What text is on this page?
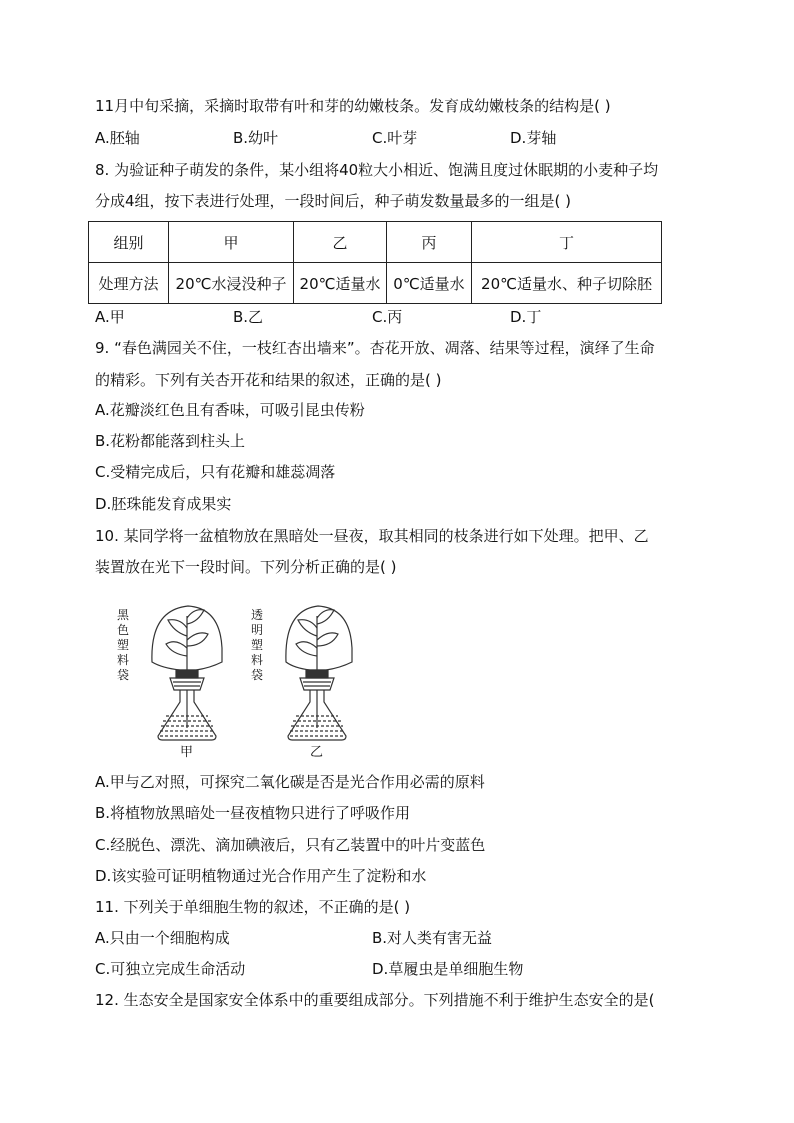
11月中旬采摘，采摘时取带有叶和芽的幼嫩枝条。发育成幼嫩枝条的结构是( )
A.胚轴	B.幼叶	C.叶芽	D.芽轴
8. 为验证种子萌发的条件，某小组将40粒大小相近、饱满且度过休眠期的小麦种子均
分成4组，按下表进行处理，一段时间后，种子萌发数量最多的一组是( )
组别	甲	乙	丙	丁
处理方法	20℃水浸没种子	20℃适量水	0℃适量水	20℃适量水、种子切除胚
A.甲	B.乙	C.丙	D.丁
9. “春色满园关不住，一枝红杏出墙来”。杏花开放、凋落、结果等过程，演绎了生命
的精彩。下列有关杏开花和结果的叙述，正确的是( )
A.花瓣淡红色且有香味，可吸引昆虫传粉
B.花粉都能落到柱头上
C.受精完成后，只有花瓣和雄蕊凋落
D.胚珠能发育成果实
10. 某同学将一盆植物放在黑暗处一昼夜，取其相同的枝条进行如下处理。把甲、乙
装置放在光下一段时间。下列分析正确的是( )
黑色塑料袋
透明塑料袋
甲	乙
A.甲与乙对照，可探究二氧化碳是否是光合作用必需的原料
B.将植物放黑暗处一昼夜植物只进行了呼吸作用
C.经脱色、漂洗、滴加碘液后，只有乙装置中的叶片变蓝色
D.该实验可证明植物通过光合作用产生了淀粉和水
11. 下列关于单细胞生物的叙述，不正确的是( )
A.只由一个细胞构成	B.对人类有害无益
C.可独立完成生命活动	D.草履虫是单细胞生物
12. 生态安全是国家安全体系中的重要组成部分。下列措施不利于维护生态安全的是(
